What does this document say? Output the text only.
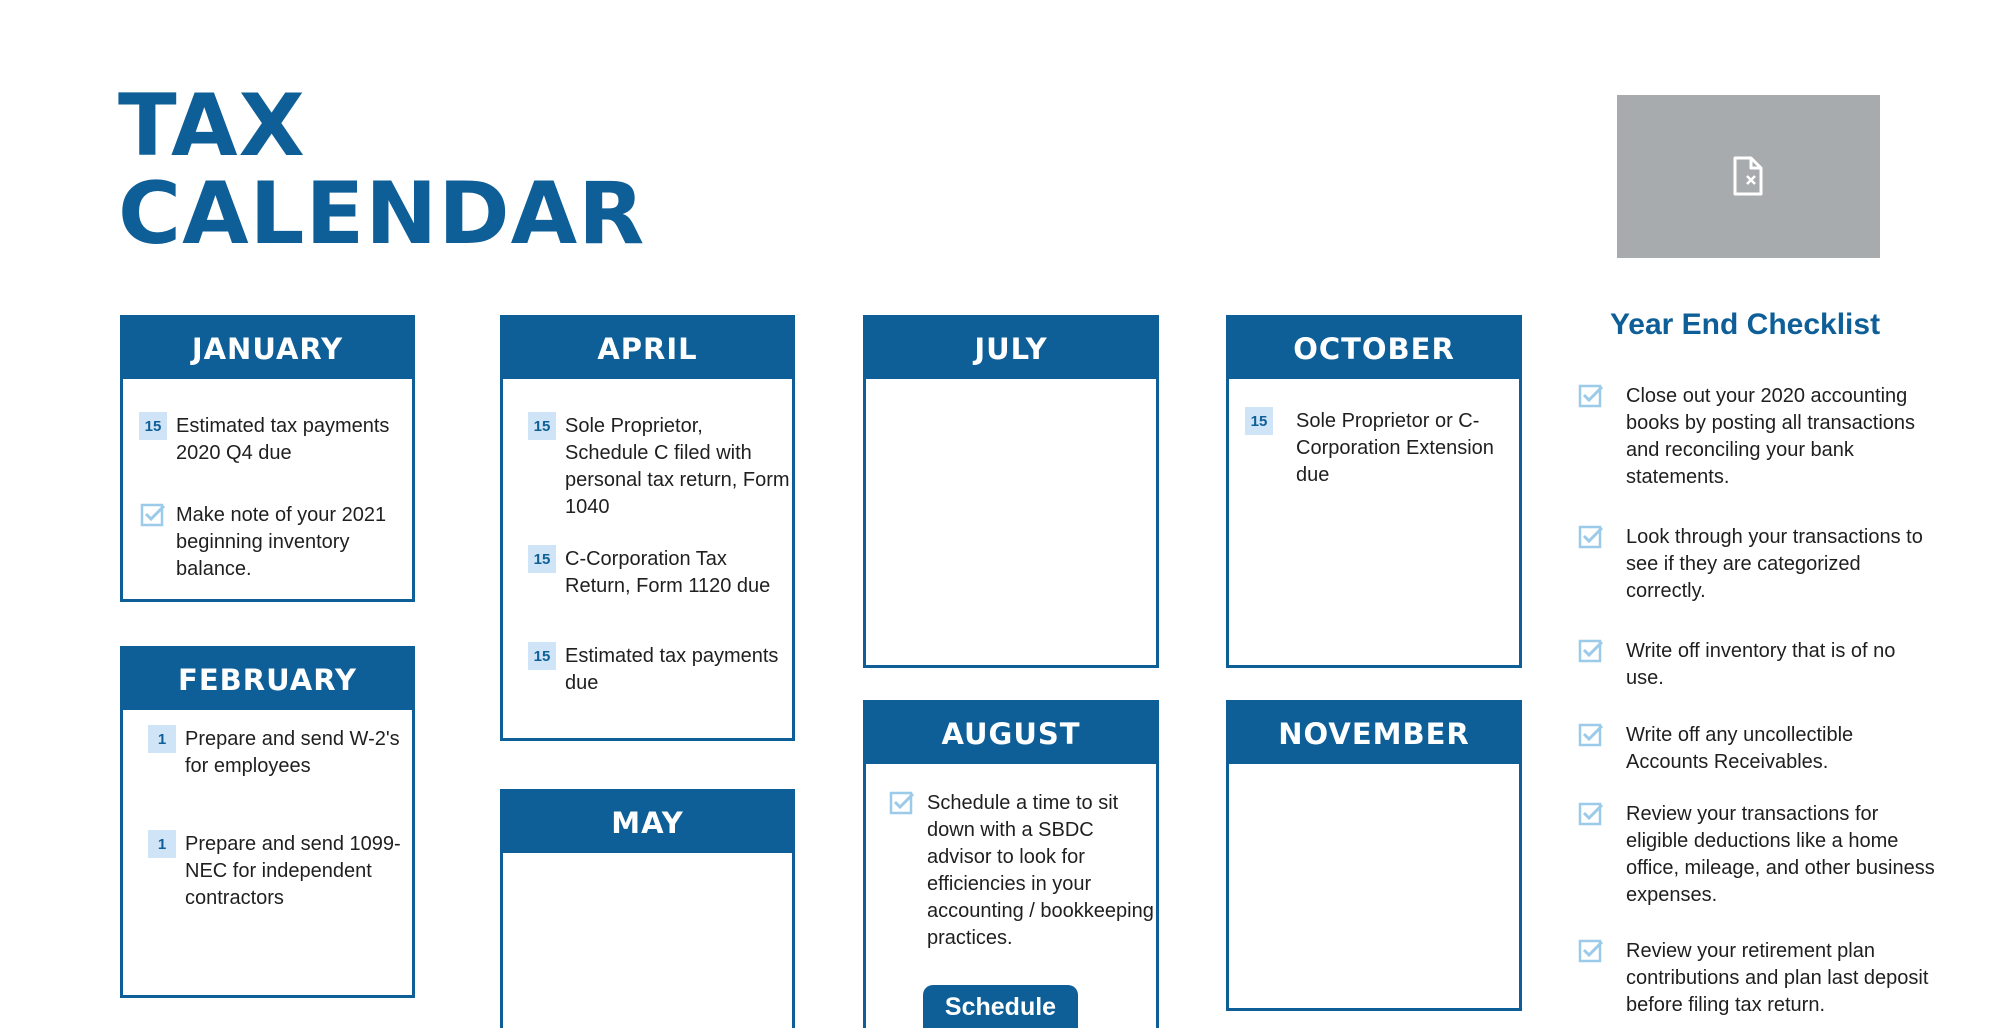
TAX
CALENDAR
JANUARY
15 Estimated tax payments 2020 Q4 due
Make note of your 2021 beginning inventory balance.
FEBRUARY
1 Prepare and send W-2's for employees
1 Prepare and send 1099-NEC for independent contractors
APRIL
15 Sole Proprietor, Schedule C filed with personal tax return, Form 1040
15 C-Corporation Tax Return, Form 1120 due
15 Estimated tax payments due
MAY
JULY
AUGUST
Schedule a time to sit down with a SBDC advisor to look for efficiencies in your accounting / bookkeeping practices.
Schedule
OCTOBER
15 Sole Proprietor or C-Corporation Extension due
NOVEMBER
Year End Checklist
Close out your 2020 accounting books by posting all transactions and reconciling your bank statements.
Look through your transactions to see if they are categorized correctly.
Write off inventory that is of no use.
Write off any uncollectible Accounts Receivables.
Review your transactions for eligible deductions like a home office, mileage, and other business expenses.
Review your retirement plan contributions and plan last deposit before filing tax return.
